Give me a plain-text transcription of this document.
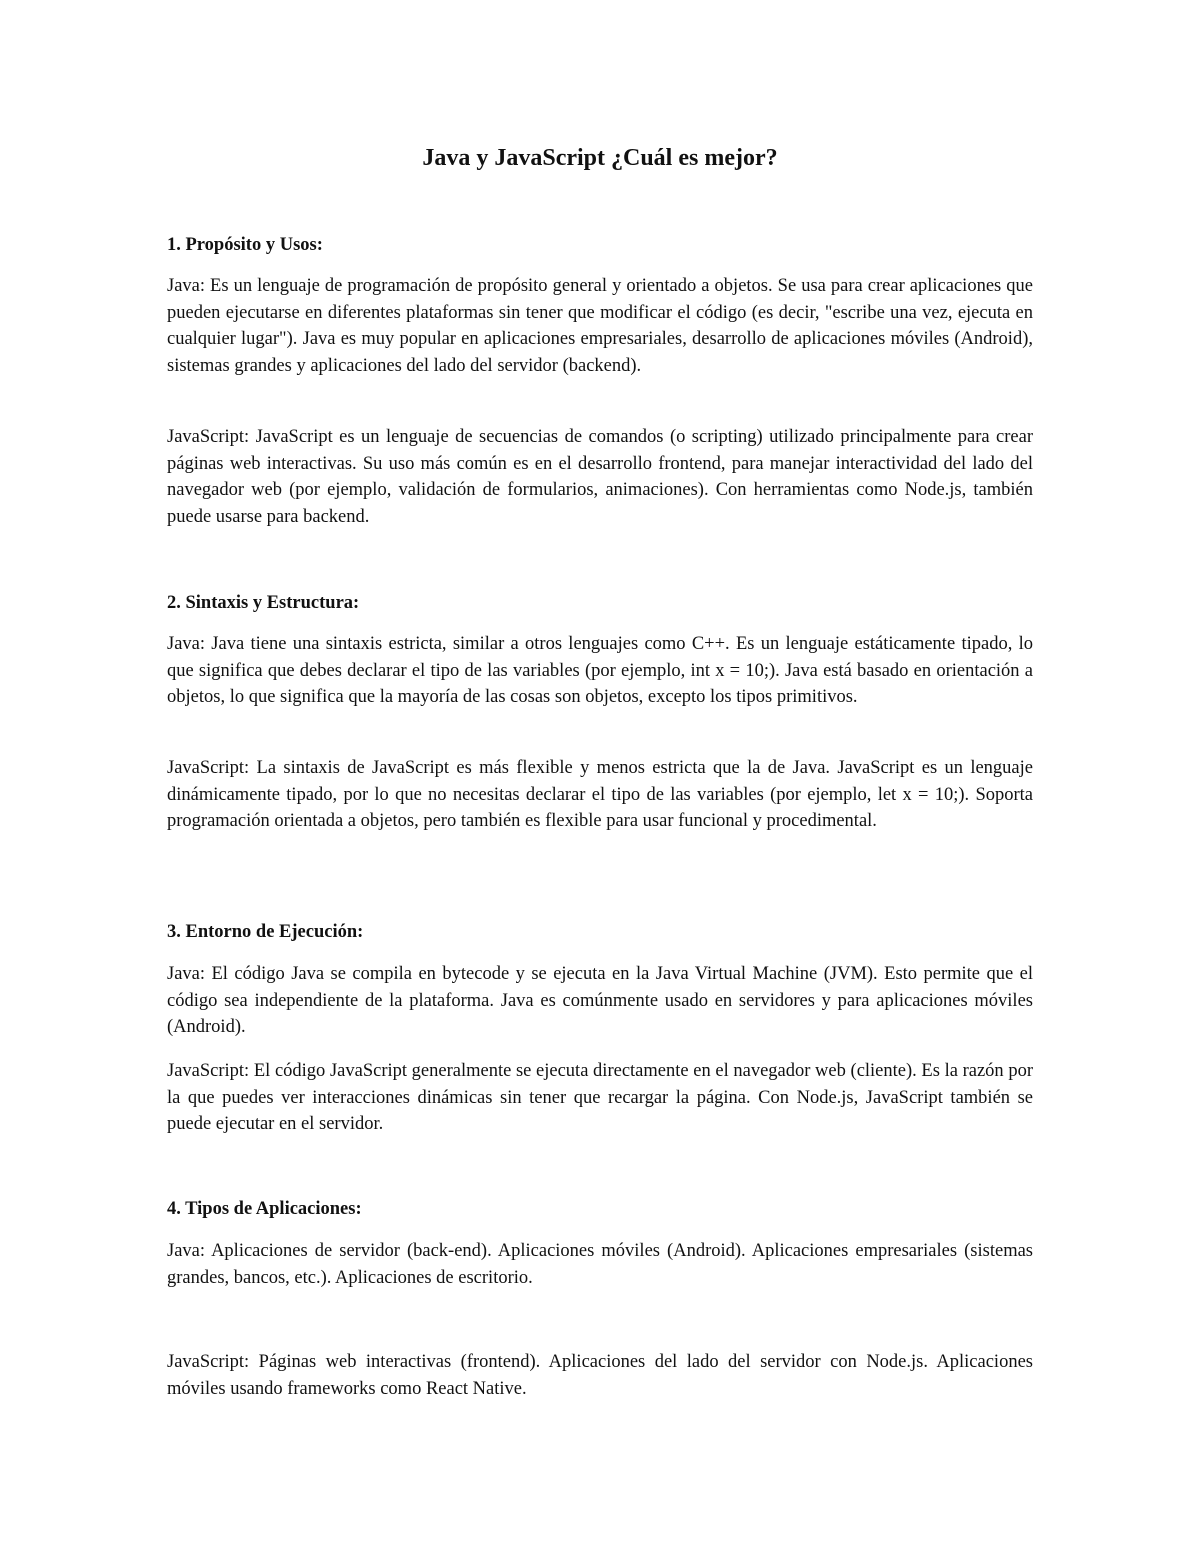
Java y JavaScript ¿Cuál es mejor?
1. Propósito y Usos:

Java: Es un lenguaje de programación de propósito general y orientado a objetos. Se usa para crear aplicaciones que pueden ejecutarse en diferentes plataformas sin tener que modificar el código (es decir, "escribe una vez, ejecuta en cualquier lugar"). Java es muy popular en aplicaciones empresariales, desarrollo de aplicaciones móviles (Android), sistemas grandes y aplicaciones del lado del servidor (backend).

JavaScript: JavaScript es un lenguaje de secuencias de comandos (o scripting) utilizado principalmente para crear páginas web interactivas. Su uso más común es en el desarrollo frontend, para manejar interactividad del lado del navegador web (por ejemplo, validación de formularios, animaciones). Con herramientas como Node.js, también puede usarse para backend.

2. Sintaxis y Estructura:

Java: Java tiene una sintaxis estricta, similar a otros lenguajes como C++. Es un lenguaje estáticamente tipado, lo que significa que debes declarar el tipo de las variables (por ejemplo, int x = 10;). Java está basado en orientación a objetos, lo que significa que la mayoría de las cosas son objetos, excepto los tipos primitivos.

JavaScript: La sintaxis de JavaScript es más flexible y menos estricta que la de Java. JavaScript es un lenguaje dinámicamente tipado, por lo que no necesitas declarar el tipo de las variables (por ejemplo, let x = 10;). Soporta programación orientada a objetos, pero también es flexible para usar funcional y procedimental.

3. Entorno de Ejecución:

Java: El código Java se compila en bytecode y se ejecuta en la Java Virtual Machine (JVM). Esto permite que el código sea independiente de la plataforma. Java es comúnmente usado en servidores y para aplicaciones móviles (Android).

JavaScript: El código JavaScript generalmente se ejecuta directamente en el navegador web (cliente). Es la razón por la que puedes ver interacciones dinámicas sin tener que recargar la página. Con Node.js, JavaScript también se puede ejecutar en el servidor.

4. Tipos de Aplicaciones:

Java: Aplicaciones de servidor (back-end). Aplicaciones móviles (Android). Aplicaciones empresariales (sistemas grandes, bancos, etc.). Aplicaciones de escritorio.

JavaScript: Páginas web interactivas (frontend). Aplicaciones del lado del servidor con Node.js. Aplicaciones móviles usando frameworks como React Native.
